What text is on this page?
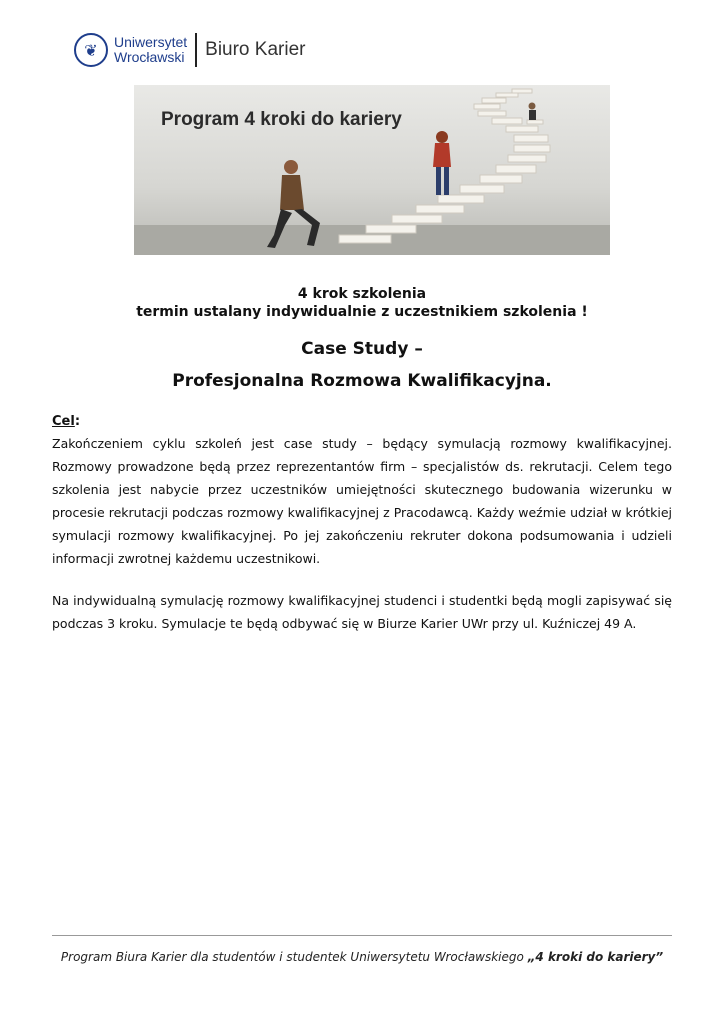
❦	Uniwersytet
Wrocławski Biuro Karier
Program 4 kroki do kariery
4 krok szkolenia
termin ustalany indywidualnie z uczestnikiem szkolenia !
Case Study –
Profesjonalna Rozmowa Kwalifikacyjna.
Cel:
Zakończeniem cyklu szkoleń jest case study – będący symulacją rozmowy kwalifikacyjnej. Rozmowy prowadzone będą przez reprezentantów firm – specjalistów ds. rekrutacji. Celem tego szkolenia jest nabycie przez uczestników umiejętności skutecznego budowania wizerunku w procesie rekrutacji podczas rozmowy kwalifikacyjnej z Pracodawcą. Każdy weźmie udział w krótkiej symulacji rozmowy kwalifikacyjnej. Po jej zakończeniu rekruter dokona podsumowania i udzieli informacji zwrotnej każdemu uczestnikowi.
Na indywidualną symulację rozmowy kwalifikacyjnej studenci i studentki będą mogli zapisywać się podczas 3 kroku. Symulacje te będą odbywać się w Biurze Karier UWr przy ul. Kuźniczej 49 A.
Program Biura Karier dla studentów i studentek Uniwersytetu Wrocławskiego „4 kroki do kariery”
